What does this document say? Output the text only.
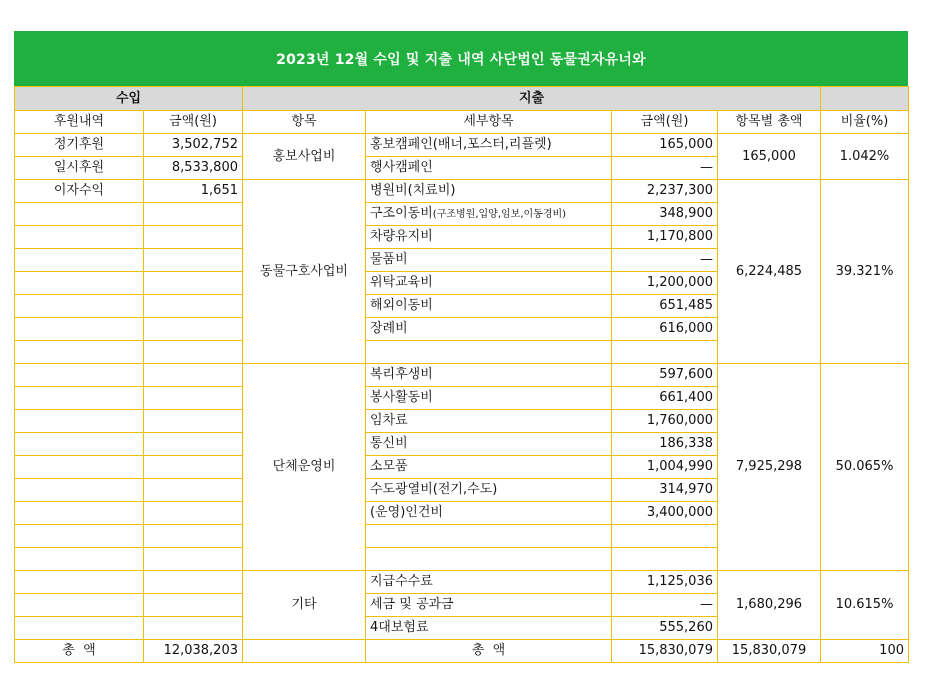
2023년 12월 수입 및 지출 내역 사단법인 동물권자유너와
수입		지출				
후원내역	금액(원)	항목	세부항목	금액(원)	항목별 총액	비율(%)
정기후원	3,502,752	홍보사업비	홍보캠페인(배너,포스터,리플렛)	165,000	165,000	1.042%
일시후원	8,533,800		행사캠페인	—		
이자수익	1,651	동물구호사업비	병원비(치료비)	2,237,300	6,224,485	39.321%
			구조이동비(구조병원,입양,임보,이동경비)	348,900		
			차량유지비	1,170,800		
			물품비	—		
			위탁교육비	1,200,000		
			해외이동비	651,485		
			장례비	616,000		

		단체운영비	복리후생비	597,600	7,925,298	50.065%
			봉사활동비	661,400		
			임차료	1,760,000		
			통신비	186,338		
			소모품	1,004,990		
			수도광열비(전기,수도)	314,970		
			(운영)인건비	3,400,000		

		기타	지급수수료	1,125,036	1,680,296	10.615%
			세금 및 공과금	—		
			4대보험료	555,260		
총  액	12,038,203		총  액	15,830,079	15,830,079	100
